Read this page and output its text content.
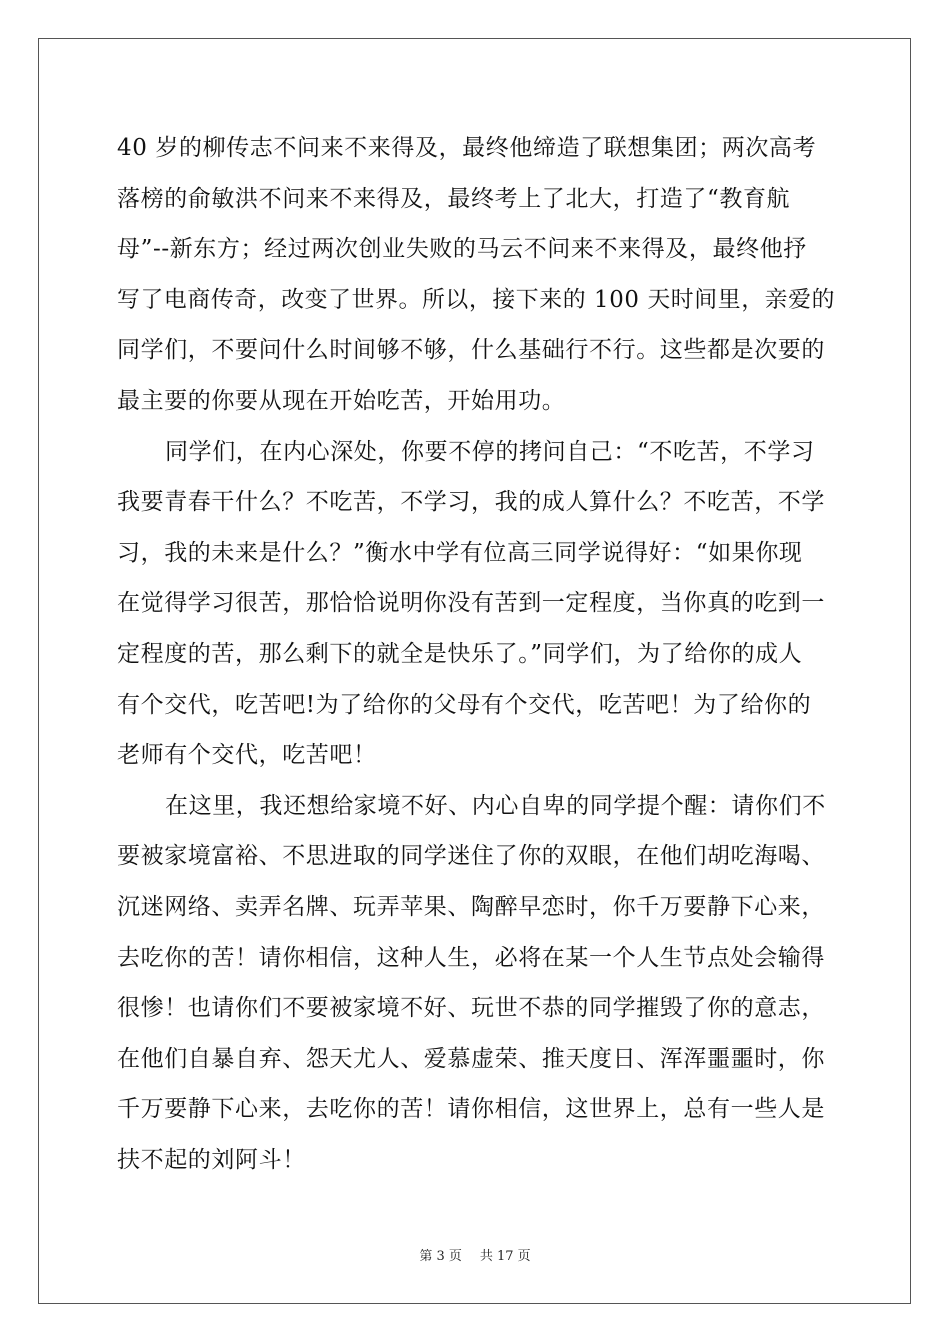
40 岁的柳传志不问来不来得及，最终他缔造了联想集团；两次高考
落榜的俞敏洪不问来不来得及，最终考上了北大，打造了“教育航
母”--新东方；经过两次创业失败的马云不问来不来得及，最终他抒
写了电商传奇，改变了世界。所以，接下来的 100 天时间里，亲爱的
同学们，不要问什么时间够不够，什么基础行不行。这些都是次要的
最主要的你要从现在开始吃苦，开始用功。
同学们，在内心深处，你要不停的拷问自己：“不吃苦，不学习
我要青春干什么？不吃苦，不学习，我的成人算什么？不吃苦，不学
习，我的未来是什么？”衡水中学有位高三同学说得好：“如果你现
在觉得学习很苦，那恰恰说明你没有苦到一定程度，当你真的吃到一
定程度的苦，那么剩下的就全是快乐了。”同学们，为了给你的成人
有个交代，吃苦吧!为了给你的父母有个交代，吃苦吧！为了给你的
老师有个交代，吃苦吧！
在这里，我还想给家境不好、内心自卑的同学提个醒：请你们不
要被家境富裕、不思进取的同学迷住了你的双眼，在他们胡吃海喝、
沉迷网络、卖弄名牌、玩弄苹果、陶醉早恋时，你千万要静下心来，
去吃你的苦！请你相信，这种人生，必将在某一个人生节点处会输得
很惨！也请你们不要被家境不好、玩世不恭的同学摧毁了你的意志，
在他们自暴自弃、怨天尤人、爱慕虚荣、推天度日、浑浑噩噩时，你
千万要静下心来，去吃你的苦！请你相信，这世界上，总有一些人是
扶不起的刘阿斗！
第 3 页 共 17 页
